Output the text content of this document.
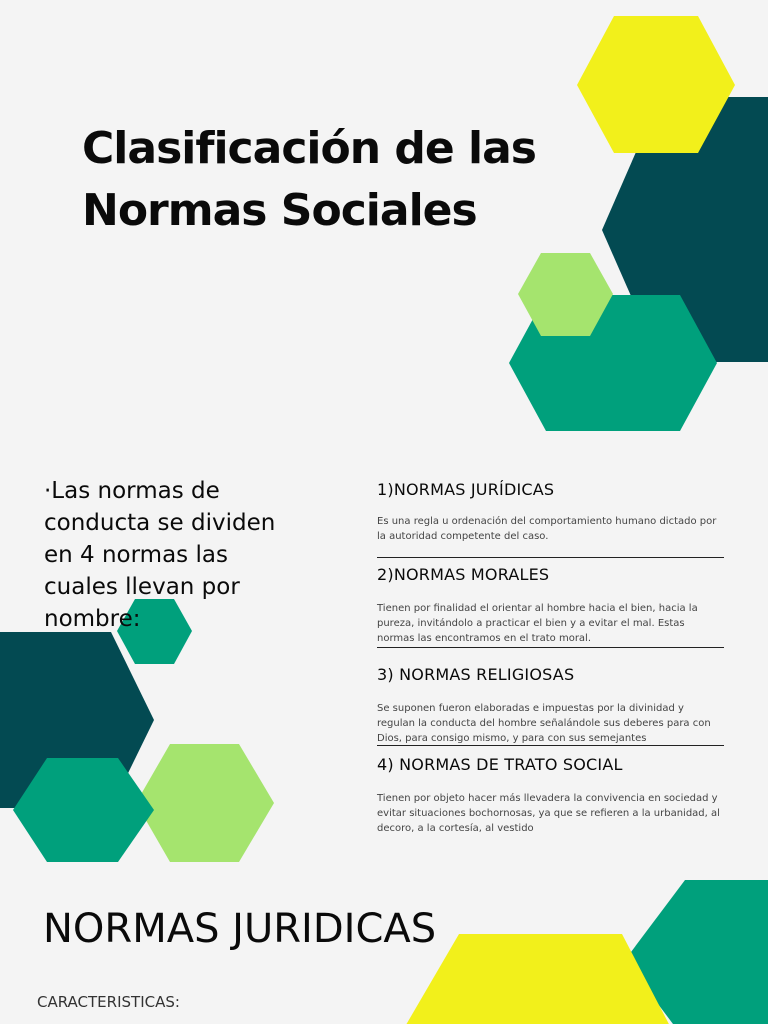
Clasificación de las
Normas Sociales

·Las normas de conducta se dividen en 4 normas las cuales llevan por nombre:

1)NORMAS JURÍDICAS

Es una regla u ordenación del comportamiento humano dictado por la autoridad competente del caso.

2)NORMAS MORALES

Tienen por finalidad el orientar al hombre hacia el bien, hacia la pureza, invitándolo a practicar el bien y a evitar el mal. Estas normas las encontramos en el trato moral.

3) NORMAS RELIGIOSAS

Se suponen fueron elaboradas e impuestas por la divinidad y regulan la conducta del hombre señalándole sus deberes para con Dios, para consigo mismo, y para con sus semejantes

4) NORMAS DE TRATO SOCIAL

Tienen por objeto hacer más llevadera la convivencia en sociedad y evitar situaciones bochornosas, ya que se refieren a la urbanidad, al decoro, a la cortesía, al vestido

NORMAS JURIDICAS

CARACTERISTICAS:
